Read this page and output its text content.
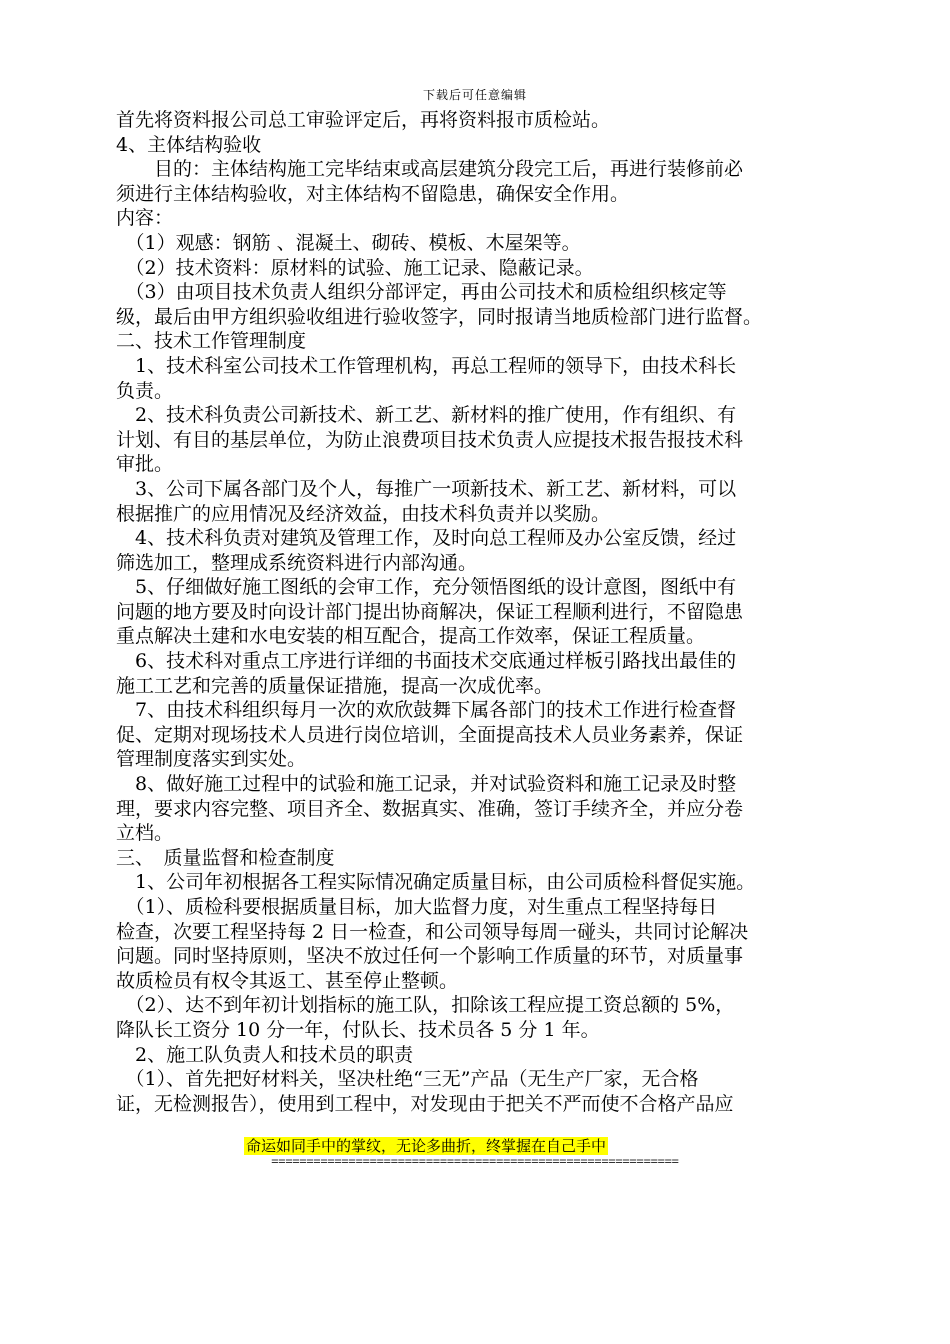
下载后可任意编辑
首先将资料报公司总工审验评定后，再将资料报市质检站。
4、主体结构验收
　　目的：主体结构施工完毕结束或高层建筑分段完工后，再进行装修前必
须进行主体结构验收，对主体结构不留隐患，确保安全作用。
内容：
　（1）观感：钢筋 、混凝土、砌砖、模板、木屋架等。
　（2）技术资料：原材料的试验、施工记录、隐蔽记录。
　（3）由项目技术负责人组织分部评定，再由公司技术和质检组织核定等
级，最后由甲方组织验收组进行验收签字，同时报请当地质检部门进行监督。
二、技术工作管理制度
　1、技术科室公司技术工作管理机构，再总工程师的领导下，由技术科长
负责。
　2、技术科负责公司新技术、新工艺、新材料的推广使用，作有组织、有
计划、有目的基层单位，为防止浪费项目技术负责人应提技术报告报技术科
审批。
　3、公司下属各部门及个人，每推广一项新技术、新工艺、新材料，可以
根据推广的应用情况及经济效益，由技术科负责并以奖励。
　4、技术科负责对建筑及管理工作，及时向总工程师及办公室反馈，经过
筛选加工，整理成系统资料进行内部沟通。
　5、仔细做好施工图纸的会审工作，充分领悟图纸的设计意图，图纸中有
问题的地方要及时向设计部门提出协商解决，保证工程顺利进行，不留隐患
重点解决土建和水电安装的相互配合，提高工作效率，保证工程质量。
　6、技术科对重点工序进行详细的书面技术交底通过样板引路找出最佳的
施工工艺和完善的质量保证措施，提高一次成优率。
　7、由技术科组织每月一次的欢欣鼓舞下属各部门的技术工作进行检查督
促、定期对现场技术人员进行岗位培训，全面提高技术人员业务素养，保证
管理制度落实到实处。
　8、做好施工过程中的试验和施工记录，并对试验资料和施工记录及时整
理，要求内容完整、项目齐全、数据真实、准确，签订手续齐全，并应分卷
立档。
三、　质量监督和检查制度
　1、公司年初根据各工程实际情况确定质量目标，由公司质检科督促实施。
　（1）、质检科要根据质量目标，加大监督力度，对生重点工程坚持每日
检查，次要工程坚持每 2 日一检查，和公司领导每周一碰头，共同讨论解决
问题。同时坚持原则，坚决不放过任何一个影响工作质量的环节，对质量事
故质检员有权令其返工、甚至停止整顿。
　（2）、达不到年初计划指标的施工队，扣除该工程应提工资总额的 5%，
降队长工资分 10 分一年，付队长、技术员各 5 分 1 年。
　2、施工队负责人和技术员的职责
　（1）、首先把好材料关，坚决杜绝“三无”产品（无生产厂家，无合格
证，无检测报告），使用到工程中，对发现由于把关不严而使不合格产品应
命运如同手中的掌纹，无论多曲折，终掌握在自己手中
==========================================================
